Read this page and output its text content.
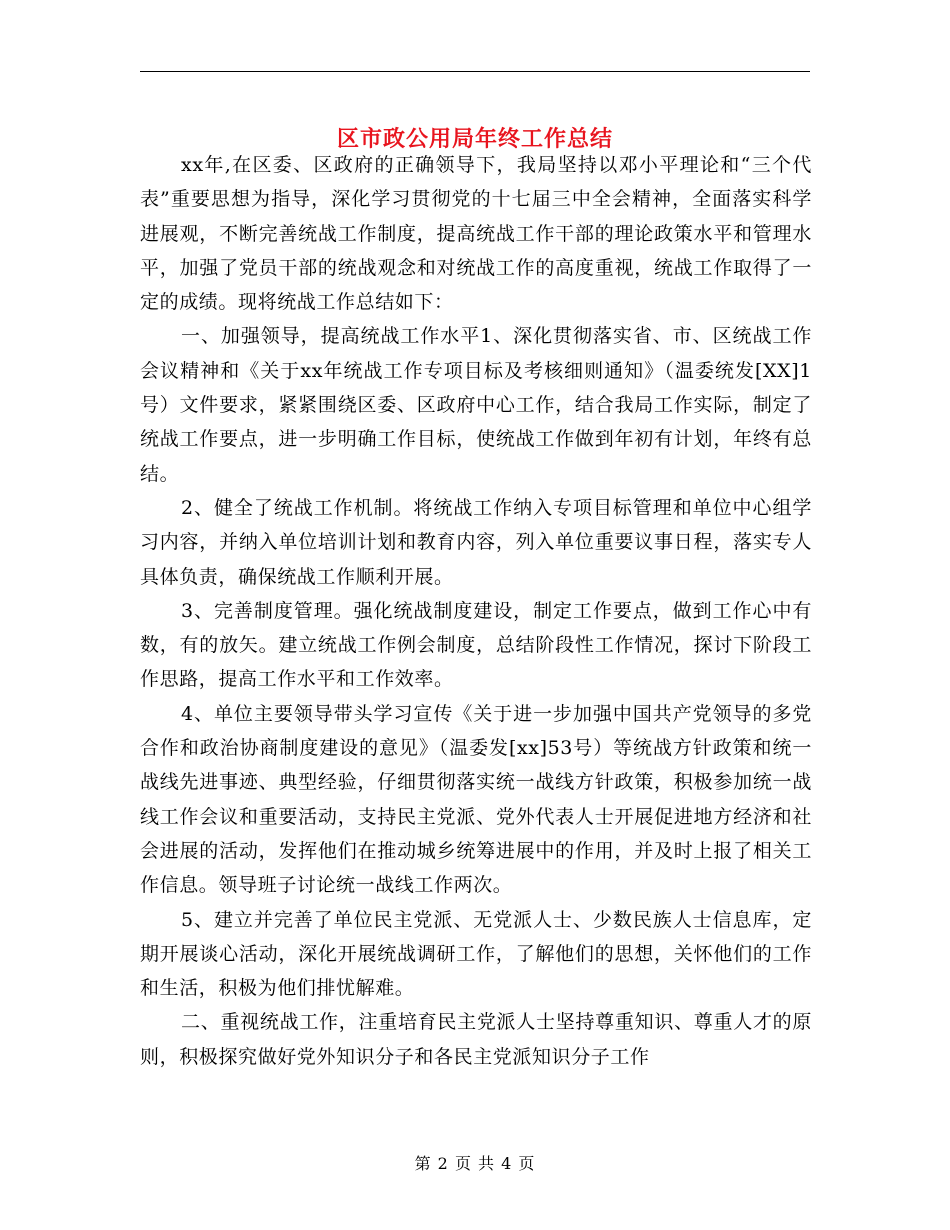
区市政公用局年终工作总结

xx年,在区委、区政府的正确领导下，我局坚持以邓小平理论和“三个代表”重要思想为指导，深化学习贯彻党的十七届三中全会精神，全面落实科学进展观，不断完善统战工作制度，提高统战工作干部的理论政策水平和管理水平，加强了党员干部的统战观念和对统战工作的高度重视，统战工作取得了一定的成绩。现将统战工作总结如下：

一、加强领导，提高统战工作水平1、深化贯彻落实省、市、区统战工作会议精神和《关于xx年统战工作专项目标及考核细则通知》（温委统发[XX]1号）文件要求，紧紧围绕区委、区政府中心工作，结合我局工作实际，制定了统战工作要点，进一步明确工作目标，使统战工作做到年初有计划，年终有总结。

2、健全了统战工作机制。将统战工作纳入专项目标管理和单位中心组学习内容，并纳入单位培训计划和教育内容，列入单位重要议事日程，落实专人具体负责，确保统战工作顺利开展。

3、完善制度管理。强化统战制度建设，制定工作要点，做到工作心中有数，有的放矢。建立统战工作例会制度，总结阶段性工作情况，探讨下阶段工作思路，提高工作水平和工作效率。

4、单位主要领导带头学习宣传《关于进一步加强中国共产党领导的多党合作和政治协商制度建设的意见》（温委发[xx]53号）等统战方针政策和统一战线先进事迹、典型经验，仔细贯彻落实统一战线方针政策，积极参加统一战线工作会议和重要活动，支持民主党派、党外代表人士开展促进地方经济和社会进展的活动，发挥他们在推动城乡统筹进展中的作用，并及时上报了相关工作信息。领导班子讨论统一战线工作两次。

5、建立并完善了单位民主党派、无党派人士、少数民族人士信息库，定期开展谈心活动，深化开展统战调研工作，了解他们的思想，关怀他们的工作和生活，积极为他们排忧解难。

二、重视统战工作，注重培育民主党派人士坚持尊重知识、尊重人才的原则，积极探究做好党外知识分子和各民主党派知识分子工作

第 2 页 共 4 页
